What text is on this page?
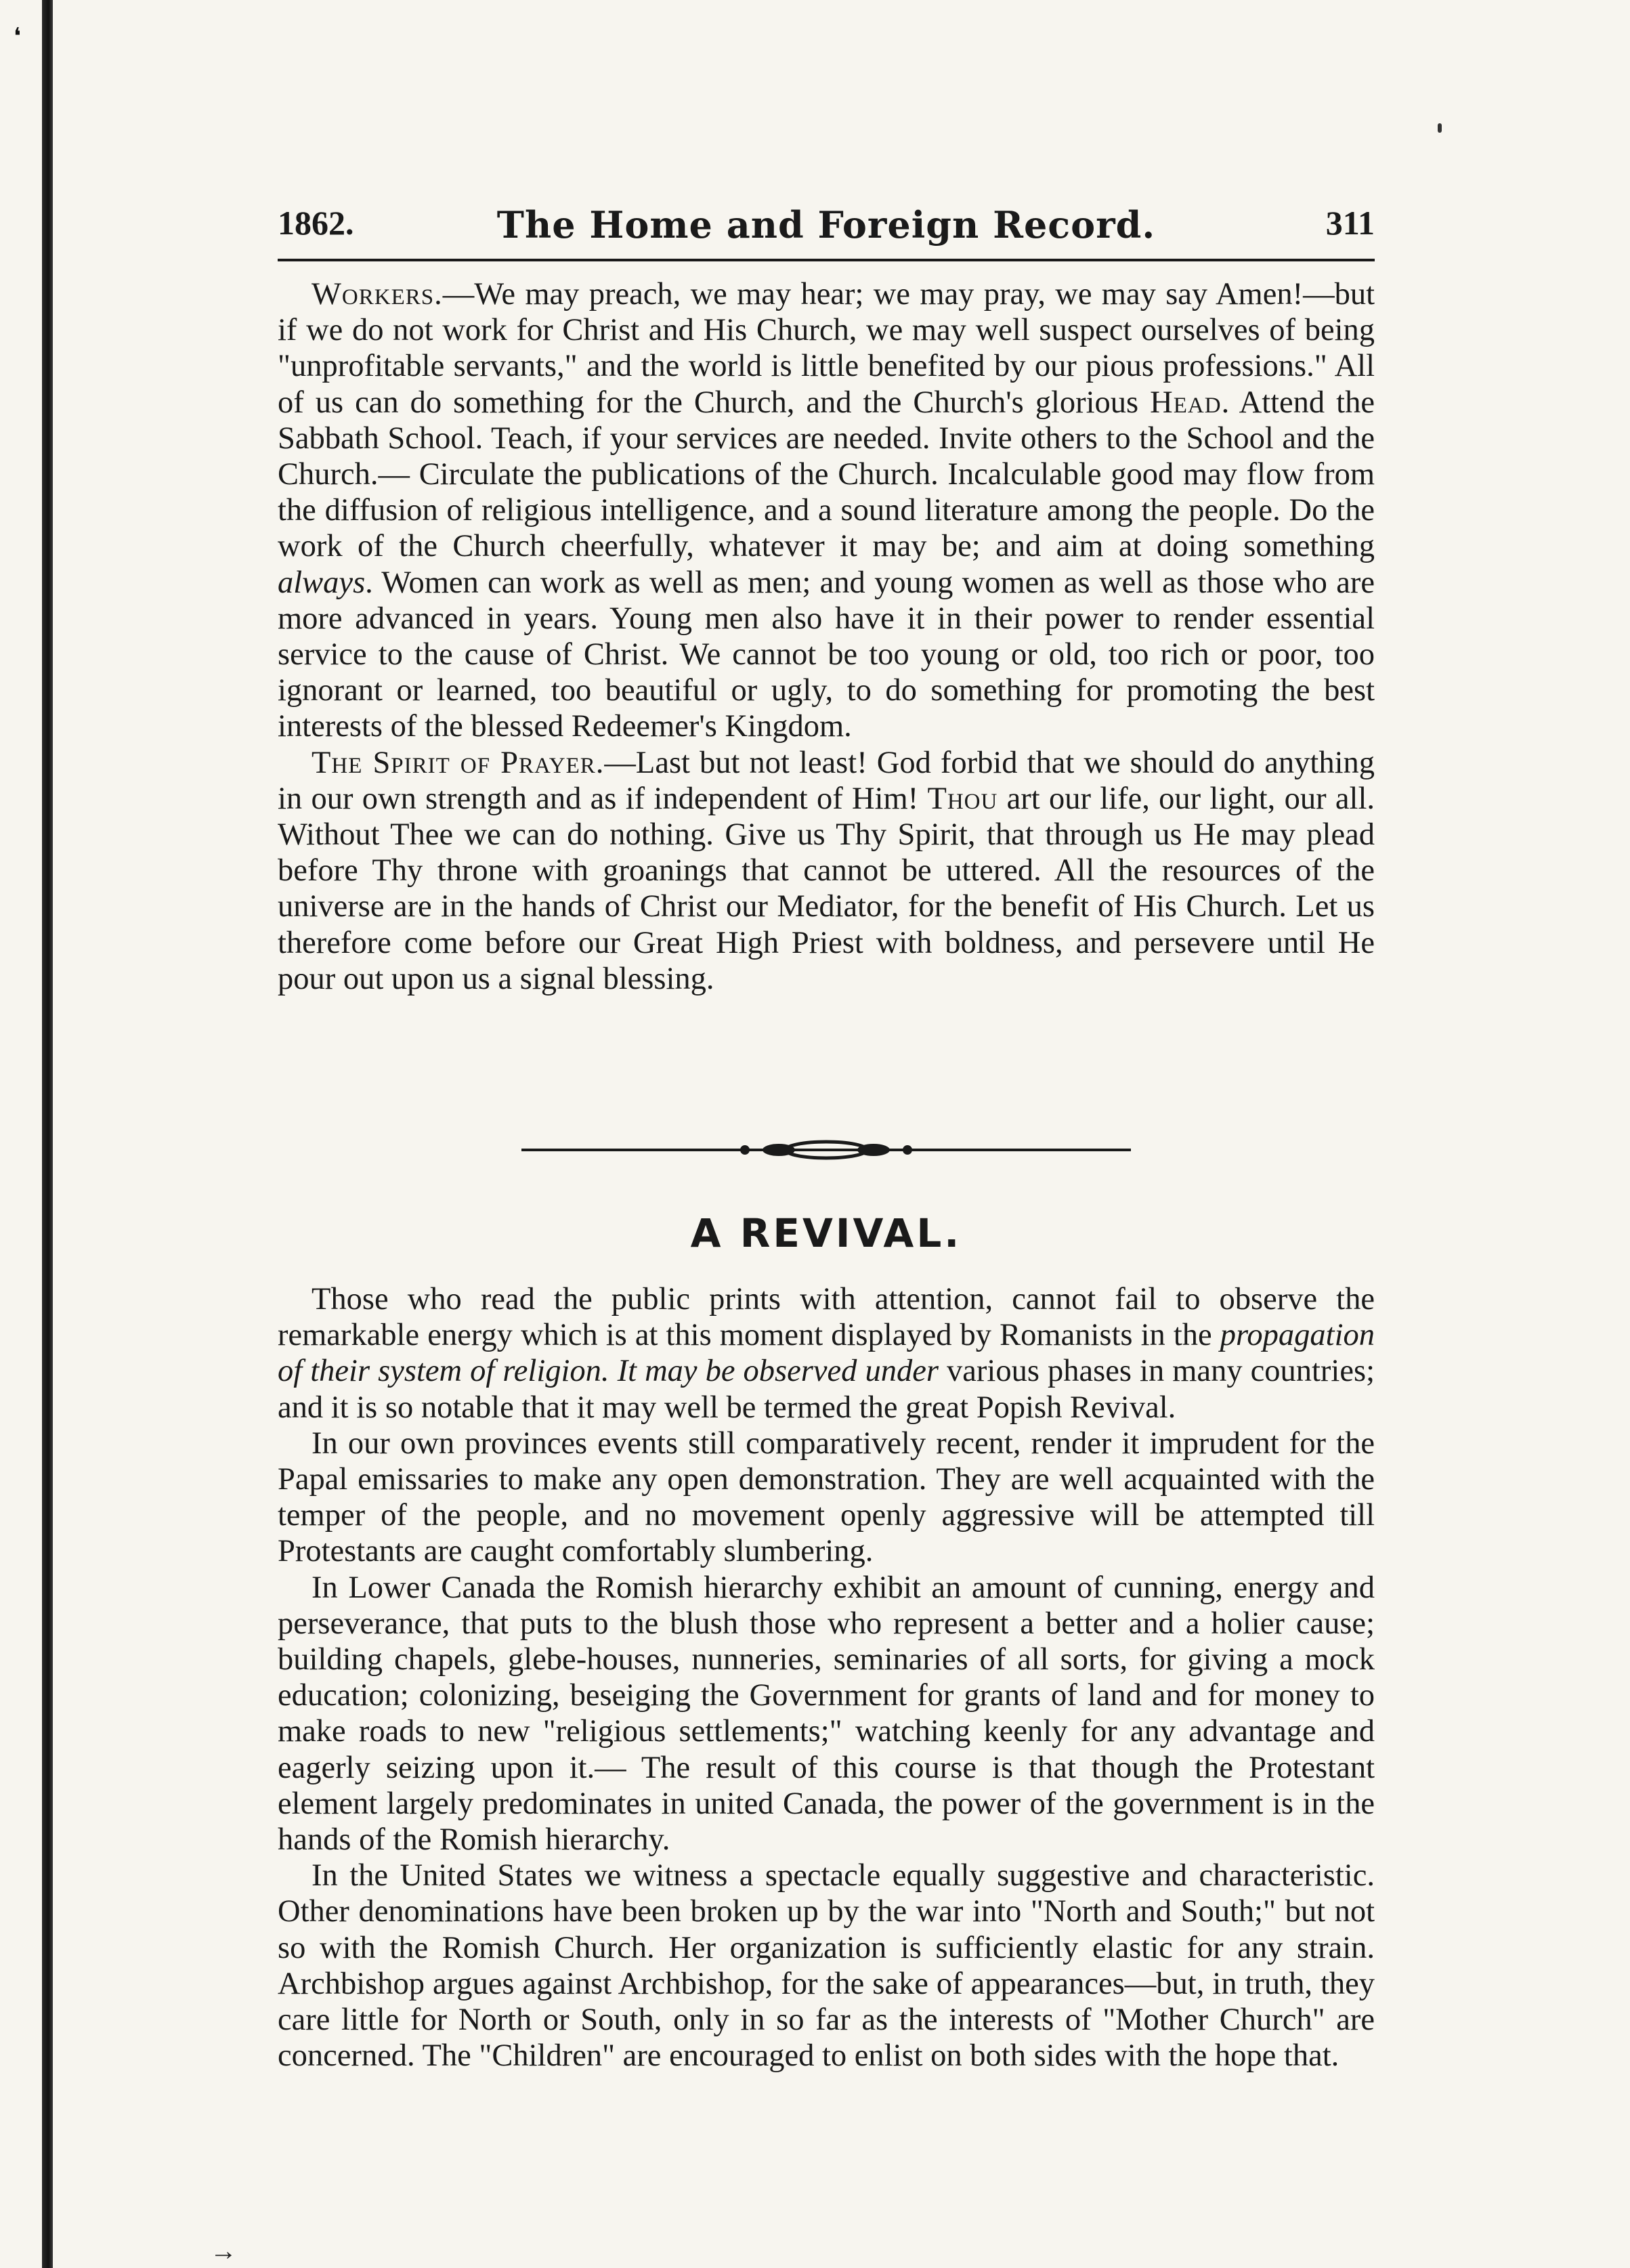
❛
1862.	The Home and Foreign Record.	311

Workers.—We may preach, we may hear; we may pray, we may say Amen!—but if we do not work for Christ and His Church, we may well suspect ourselves of being "unprofitable servants," and the world is little benefited by our pious professions." All of us can do something for the Church, and the Church's glorious Head. Attend the Sabbath School. Teach, if your services are needed. Invite others to the School and the Church.— Circulate the publications of the Church. Incalculable good may flow from the diffusion of religious intelligence, and a sound literature among the people. Do the work of the Church cheerfully, whatever it may be; and aim at doing something always. Women can work as well as men; and young women as well as those who are more advanced in years. Young men also have it in their power to render essential service to the cause of Christ. We cannot be too young or old, too rich or poor, too ignorant or learned, too beautiful or ugly, to do something for promoting the best interests of the blessed Redeemer's Kingdom.

The Spirit of Prayer.—Last but not least! God forbid that we should do anything in our own strength and as if independent of Him! Thou art our life, our light, our all. Without Thee we can do nothing. Give us Thy Spirit, that through us He may plead before Thy throne with groanings that cannot be uttered. All the resources of the universe are in the hands of Christ our Mediator, for the benefit of His Church. Let us therefore come before our Great High Priest with boldness, and persevere until He pour out upon us a signal blessing.

A REVIVAL.

Those who read the public prints with attention, cannot fail to observe the remarkable energy which is at this moment displayed by Romanists in the propagation of their system of religion. It may be observed under various phases in many countries; and it is so notable that it may well be termed the great Popish Revival.

In our own provinces events still comparatively recent, render it imprudent for the Papal emissaries to make any open demonstration. They are well acquainted with the temper of the people, and no movement openly aggressive will be attempted till Protestants are caught comfortably slumbering.

In Lower Canada the Romish hierarchy exhibit an amount of cunning, energy and perseverance, that puts to the blush those who represent a better and a holier cause; building chapels, glebe-houses, nunneries, seminaries of all sorts, for giving a mock education; colonizing, beseiging the Government for grants of land and for money to make roads to new "religious settlements;" watching keenly for any advantage and eagerly seizing upon it.— The result of this course is that though the Protestant element largely predominates in united Canada, the power of the government is in the hands of the Romish hierarchy.

In the United States we witness a spectacle equally suggestive and characteristic. Other denominations have been broken up by the war into "North and South;" but not so with the Romish Church. Her organization is sufficiently elastic for any strain. Archbishop argues against Archbishop, for the sake of appearances—but, in truth, they care little for North or South, only in so far as the interests of "Mother Church" are concerned. The "Children" are encouraged to enlist on both sides with the hope that.

→
